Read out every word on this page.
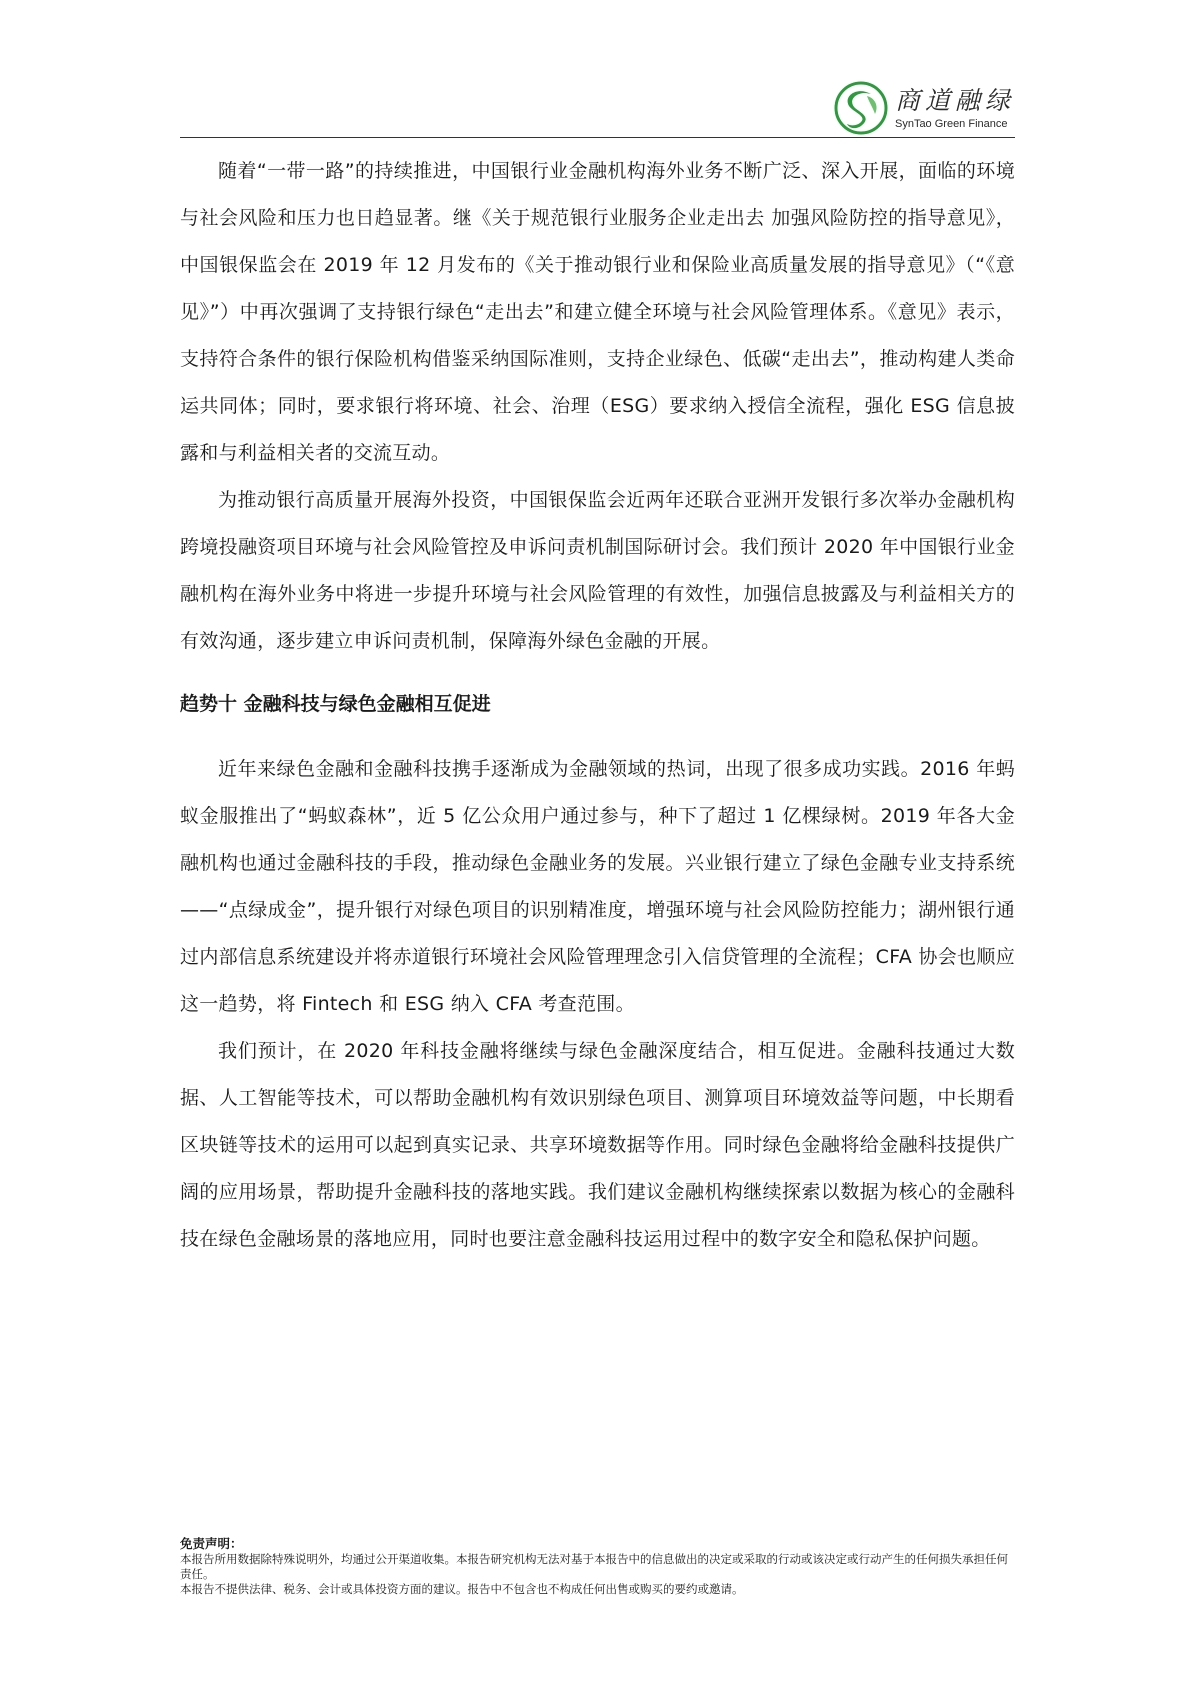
商道融绿
SynTao Green Finance

随着“一带一路”的持续推进，中国银行业金融机构海外业务不断广泛、深入开展，面临的环境与社会风险和压力也日趋显著。继《关于规范银行业服务企业走出去 加强风险防控的指导意见》，中国银保监会在 2019 年 12 月发布的《关于推动银行业和保险业高质量发展的指导意见》（“《意见》”）中再次强调了支持银行绿色“走出去”和建立健全环境与社会风险管理体系。《意见》表示，支持符合条件的银行保险机构借鉴采纳国际准则，支持企业绿色、低碳“走出去”，推动构建人类命运共同体；同时，要求银行将环境、社会、治理（ESG）要求纳入授信全流程，强化 ESG 信息披露和与利益相关者的交流互动。

为推动银行高质量开展海外投资，中国银保监会近两年还联合亚洲开发银行多次举办金融机构跨境投融资项目环境与社会风险管控及申诉问责机制国际研讨会。我们预计 2020 年中国银行业金融机构在海外业务中将进一步提升环境与社会风险管理的有效性，加强信息披露及与利益相关方的有效沟通，逐步建立申诉问责机制，保障海外绿色金融的开展。

趋势十 金融科技与绿色金融相互促进

近年来绿色金融和金融科技携手逐渐成为金融领域的热词，出现了很多成功实践。2016 年蚂蚁金服推出了“蚂蚁森林”，近 5 亿公众用户通过参与，种下了超过 1 亿棵绿树。2019 年各大金融机构也通过金融科技的手段，推动绿色金融业务的发展。兴业银行建立了绿色金融专业支持系统——“点绿成金”，提升银行对绿色项目的识别精准度，增强环境与社会风险防控能力；湖州银行通过内部信息系统建设并将赤道银行环境社会风险管理理念引入信贷管理的全流程；CFA 协会也顺应这一趋势，将 Fintech 和 ESG 纳入 CFA 考查范围。

我们预计，在 2020 年科技金融将继续与绿色金融深度结合，相互促进。金融科技通过大数据、人工智能等技术，可以帮助金融机构有效识别绿色项目、测算项目环境效益等问题，中长期看区块链等技术的运用可以起到真实记录、共享环境数据等作用。同时绿色金融将给金融科技提供广阔的应用场景，帮助提升金融科技的落地实践。我们建议金融机构继续探索以数据为核心的金融科技在绿色金融场景的落地应用，同时也要注意金融科技运用过程中的数字安全和隐私保护问题。

免责声明：

本报告所用数据除特殊说明外，均通过公开渠道收集。本报告研究机构无法对基于本报告中的信息做出的决定或采取的行动或该决定或行动产生的任何损失承担任何责任。

本报告不提供法律、税务、会计或具体投资方面的建议。报告中不包含也不构成任何出售或购买的要约或邀请。
